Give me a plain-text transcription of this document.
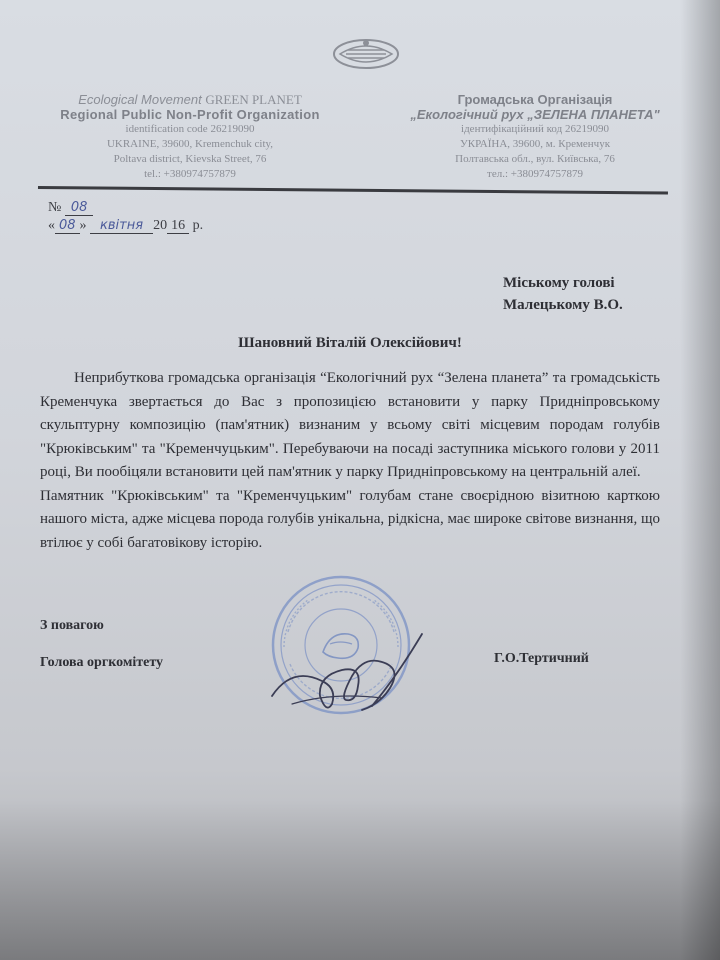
Ecological Movement GREEN PLANET
Regional Public Non-Profit Organization
identification code 26219090
UKRAINE, 39600, Kremenchuk city,
Poltava district, Kievska Street, 76
tel.: +380974757879
Громадська Організація
„Екологічний рух „ЗЕЛЕНА ПЛАНЕТА"
ідентифікаційний код 26219090
УКРАЇНА, 39600, м. Кременчук
Полтавська обл., вул. Київська, 76
тел.: +380974757879
№ 08
« 08 » квітня 20 16 р.
Міському голові
Малецькому В.О.
Шановний Віталій Олексійович!

Неприбуткова громадська організація “Екологічний рух “Зелена планета” та громадськість Кременчука звертається до Вас з пропозицією встановити у парку Придніпровському скульптурну композицію (пам'ятник) визнаним у всьому світі місцевим породам голубів "Крюківським" та "Кременчуцьким". Перебуваючи на посаді заступника міського голови у 2011 році, Ви пообіцяли встановити цей пам'ятник у парку Придніпровському на центральній алеї.

Памятник "Крюківським" та "Кременчуцьким" голубам стане своєрідною візитною карткою нашого міста, адже місцева порода голубів унікальна, рідкісна, має широке світове визнання, що втілює у собі багатовікову історію.

З повагою
Голова оргкомітету	Г.О.Тертичний
